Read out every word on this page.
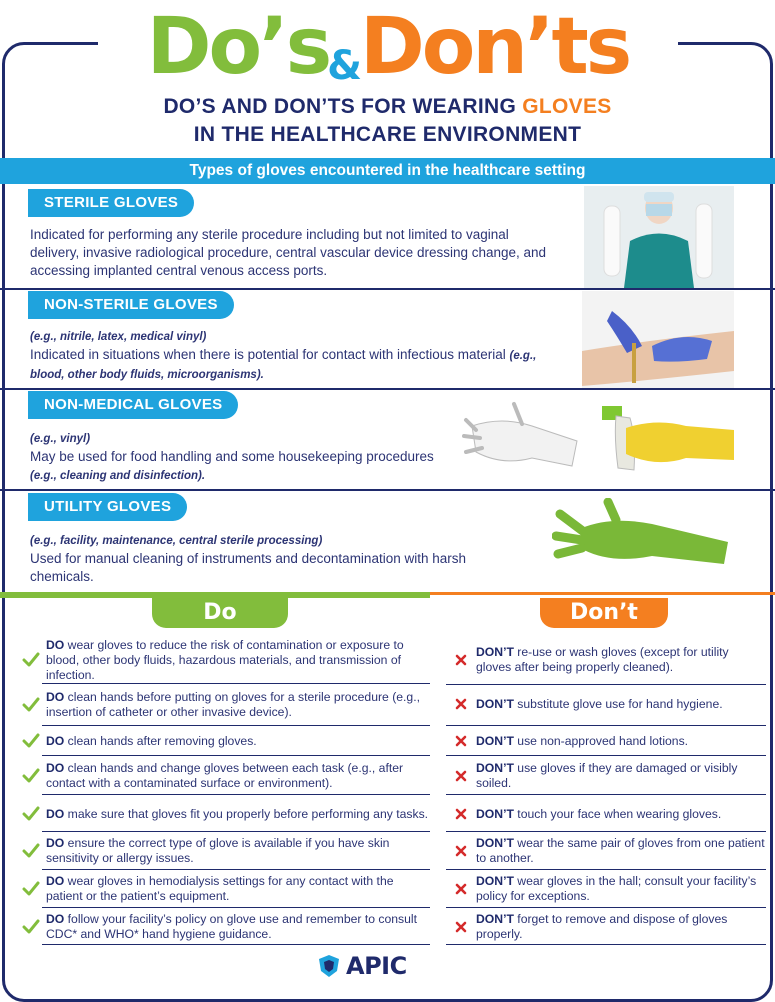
Do’s
&
Don’ts
DO’S AND DON’TS FOR WEARING GLOVES
IN THE HEALTHCARE ENVIRONMENT
Types of gloves encountered in the healthcare setting
STERILE GLOVES
Indicated for performing any sterile procedure including but not limited to vaginal delivery, invasive radiological procedure, central vascular device dressing change, and accessing implanted central venous access ports.
NON-STERILE GLOVES
(e.g., nitrile, latex, medical vinyl)
Indicated in situations when there is potential for contact with infectious material (e.g., blood, other body fluids, microorganisms).
NON-MEDICAL GLOVES
(e.g., vinyl)
May be used for food handling and some housekeeping procedures (e.g., cleaning and disinfection).
UTILITY GLOVES
(e.g., facility, maintenance, central sterile processing)
Used for manual cleaning of instruments and decontamination with harsh chemicals.
Do	Don’t
DO wear gloves to reduce the risk of contamination or exposure to blood, other body fluids, hazardous materials, and transmission of infection.
DO clean hands before putting on gloves for a sterile procedure (e.g., insertion of catheter or other invasive device).
DO clean hands after removing gloves.
DO clean hands and change gloves between each task (e.g., after contact with a contaminated surface or environment).
DO make sure that gloves fit you properly before performing any tasks.
DO ensure the correct type of glove is available if you have skin sensitivity or allergy issues.
DO wear gloves in hemodialysis settings for any contact with the patient or the patient’s equipment.
DO follow your facility’s policy on glove use and remember to consult CDC* and WHO* hand hygiene guidance.
DON’T re-use or wash gloves (except for utility gloves after being properly cleaned).
DON’T substitute glove use for hand hygiene.
DON’T use non-approved hand lotions.
DON’T use gloves if they are damaged or visibly soiled.
DON’T touch your face when wearing gloves.
DON’T wear the same pair of gloves from one patient to another.
DON’T wear gloves in the hall; consult your facility’s policy for exceptions.
DON’T forget to remove and dispose of gloves properly.
APIC
